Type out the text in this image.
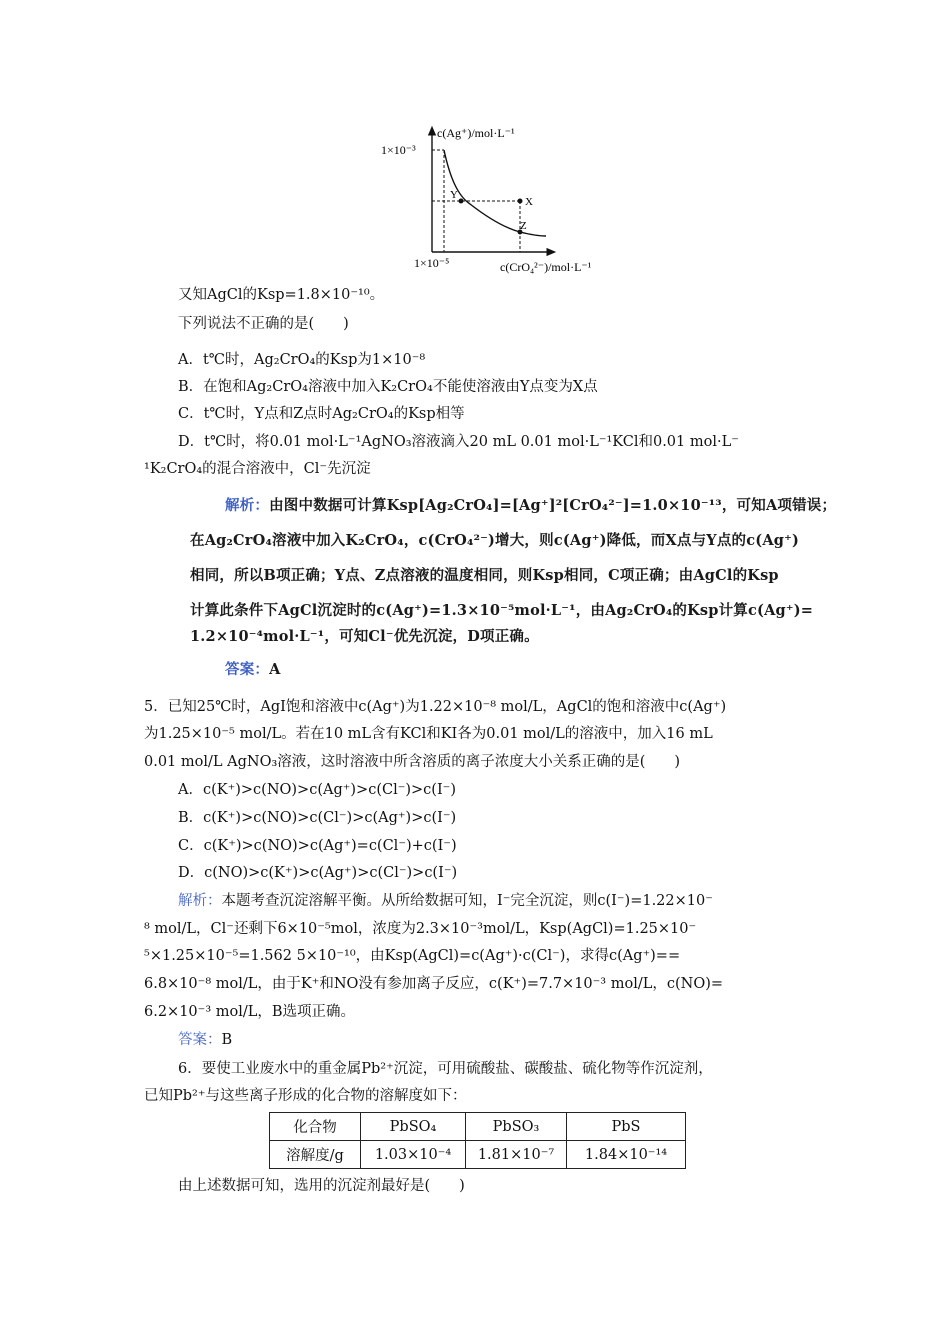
c(Ag⁺)/mol·L⁻¹
1×10⁻³
1×10⁻⁵	c(CrO₄²⁻)/mol·L⁻¹
Y
X
Z
又知AgCl的Ksp=1.8×10⁻¹⁰。
下列说法不正确的是(　　)
A．t℃时，Ag₂CrO₄的Ksp为1×10⁻⁸
B．在饱和Ag₂CrO₄溶液中加入K₂CrO₄不能使溶液由Y点变为X点
C．t℃时，Y点和Z点时Ag₂CrO₄的Ksp相等
D．t℃时，将0.01 mol·L⁻¹AgNO₃溶液滴入20 mL 0.01 mol·L⁻¹KCl和0.01 mol·L⁻
¹K₂CrO₄的混合溶液中，Cl⁻先沉淀
解析：由图中数据可计算Ksp[Ag₂CrO₄]=[Ag⁺]²[CrO₄²⁻]=1.0×10⁻¹³，可知A项错误；
在Ag₂CrO₄溶液中加入K₂CrO₄，c(CrO₄²⁻)增大，则c(Ag⁺)降低，而X点与Y点的c(Ag⁺)
相同，所以B项正确；Y点、Z点溶液的温度相同，则Ksp相同，C项正确；由AgCl的Ksp
计算此条件下AgCl沉淀时的c(Ag⁺)=1.3×10⁻⁵mol·L⁻¹，由Ag₂CrO₄的Ksp计算c(Ag⁺)=
1.2×10⁻⁴mol·L⁻¹，可知Cl⁻优先沉淀，D项正确。
答案：A
5．已知25℃时，AgI饱和溶液中c(Ag⁺)为1.22×10⁻⁸ mol/L，AgCl的饱和溶液中c(Ag⁺)
为1.25×10⁻⁵ mol/L。若在10 mL含有KCl和KI各为0.01 mol/L的溶液中，加入16 mL
0.01 mol/L AgNO₃溶液，这时溶液中所含溶质的离子浓度大小关系正确的是(　　)
A．c(K⁺)>c(NO)>c(Ag⁺)>c(Cl⁻)>c(I⁻)
B．c(K⁺)>c(NO)>c(Cl⁻)>c(Ag⁺)>c(I⁻)
C．c(K⁺)>c(NO)>c(Ag⁺)=c(Cl⁻)+c(I⁻)
D．c(NO)>c(K⁺)>c(Ag⁺)>c(Cl⁻)>c(I⁻)
解析：本题考查沉淀溶解平衡。从所给数据可知，I⁻完全沉淀，则c(I⁻)=1.22×10⁻
⁸ mol/L，Cl⁻还剩下6×10⁻⁵mol，浓度为2.3×10⁻³mol/L，Ksp(AgCl)=1.25×10⁻
⁵×1.25×10⁻⁵=1.562 5×10⁻¹⁰，由Ksp(AgCl)=c(Ag⁺)·c(Cl⁻)，求得c(Ag⁺)==
6.8×10⁻⁸ mol/L，由于K⁺和NO没有参加离子反应，c(K⁺)=7.7×10⁻³ mol/L，c(NO)=
6.2×10⁻³ mol/L，B选项正确。
答案：B
6．要使工业废水中的重金属Pb²⁺沉淀，可用硫酸盐、碳酸盐、硫化物等作沉淀剂，
已知Pb²⁺与这些离子形成的化合物的溶解度如下：
化合物	PbSO₄	PbSO₃	PbS
溶解度/g	1.03×10⁻⁴	1.81×10⁻⁷	1.84×10⁻¹⁴
由上述数据可知，选用的沉淀剂最好是(　　)
